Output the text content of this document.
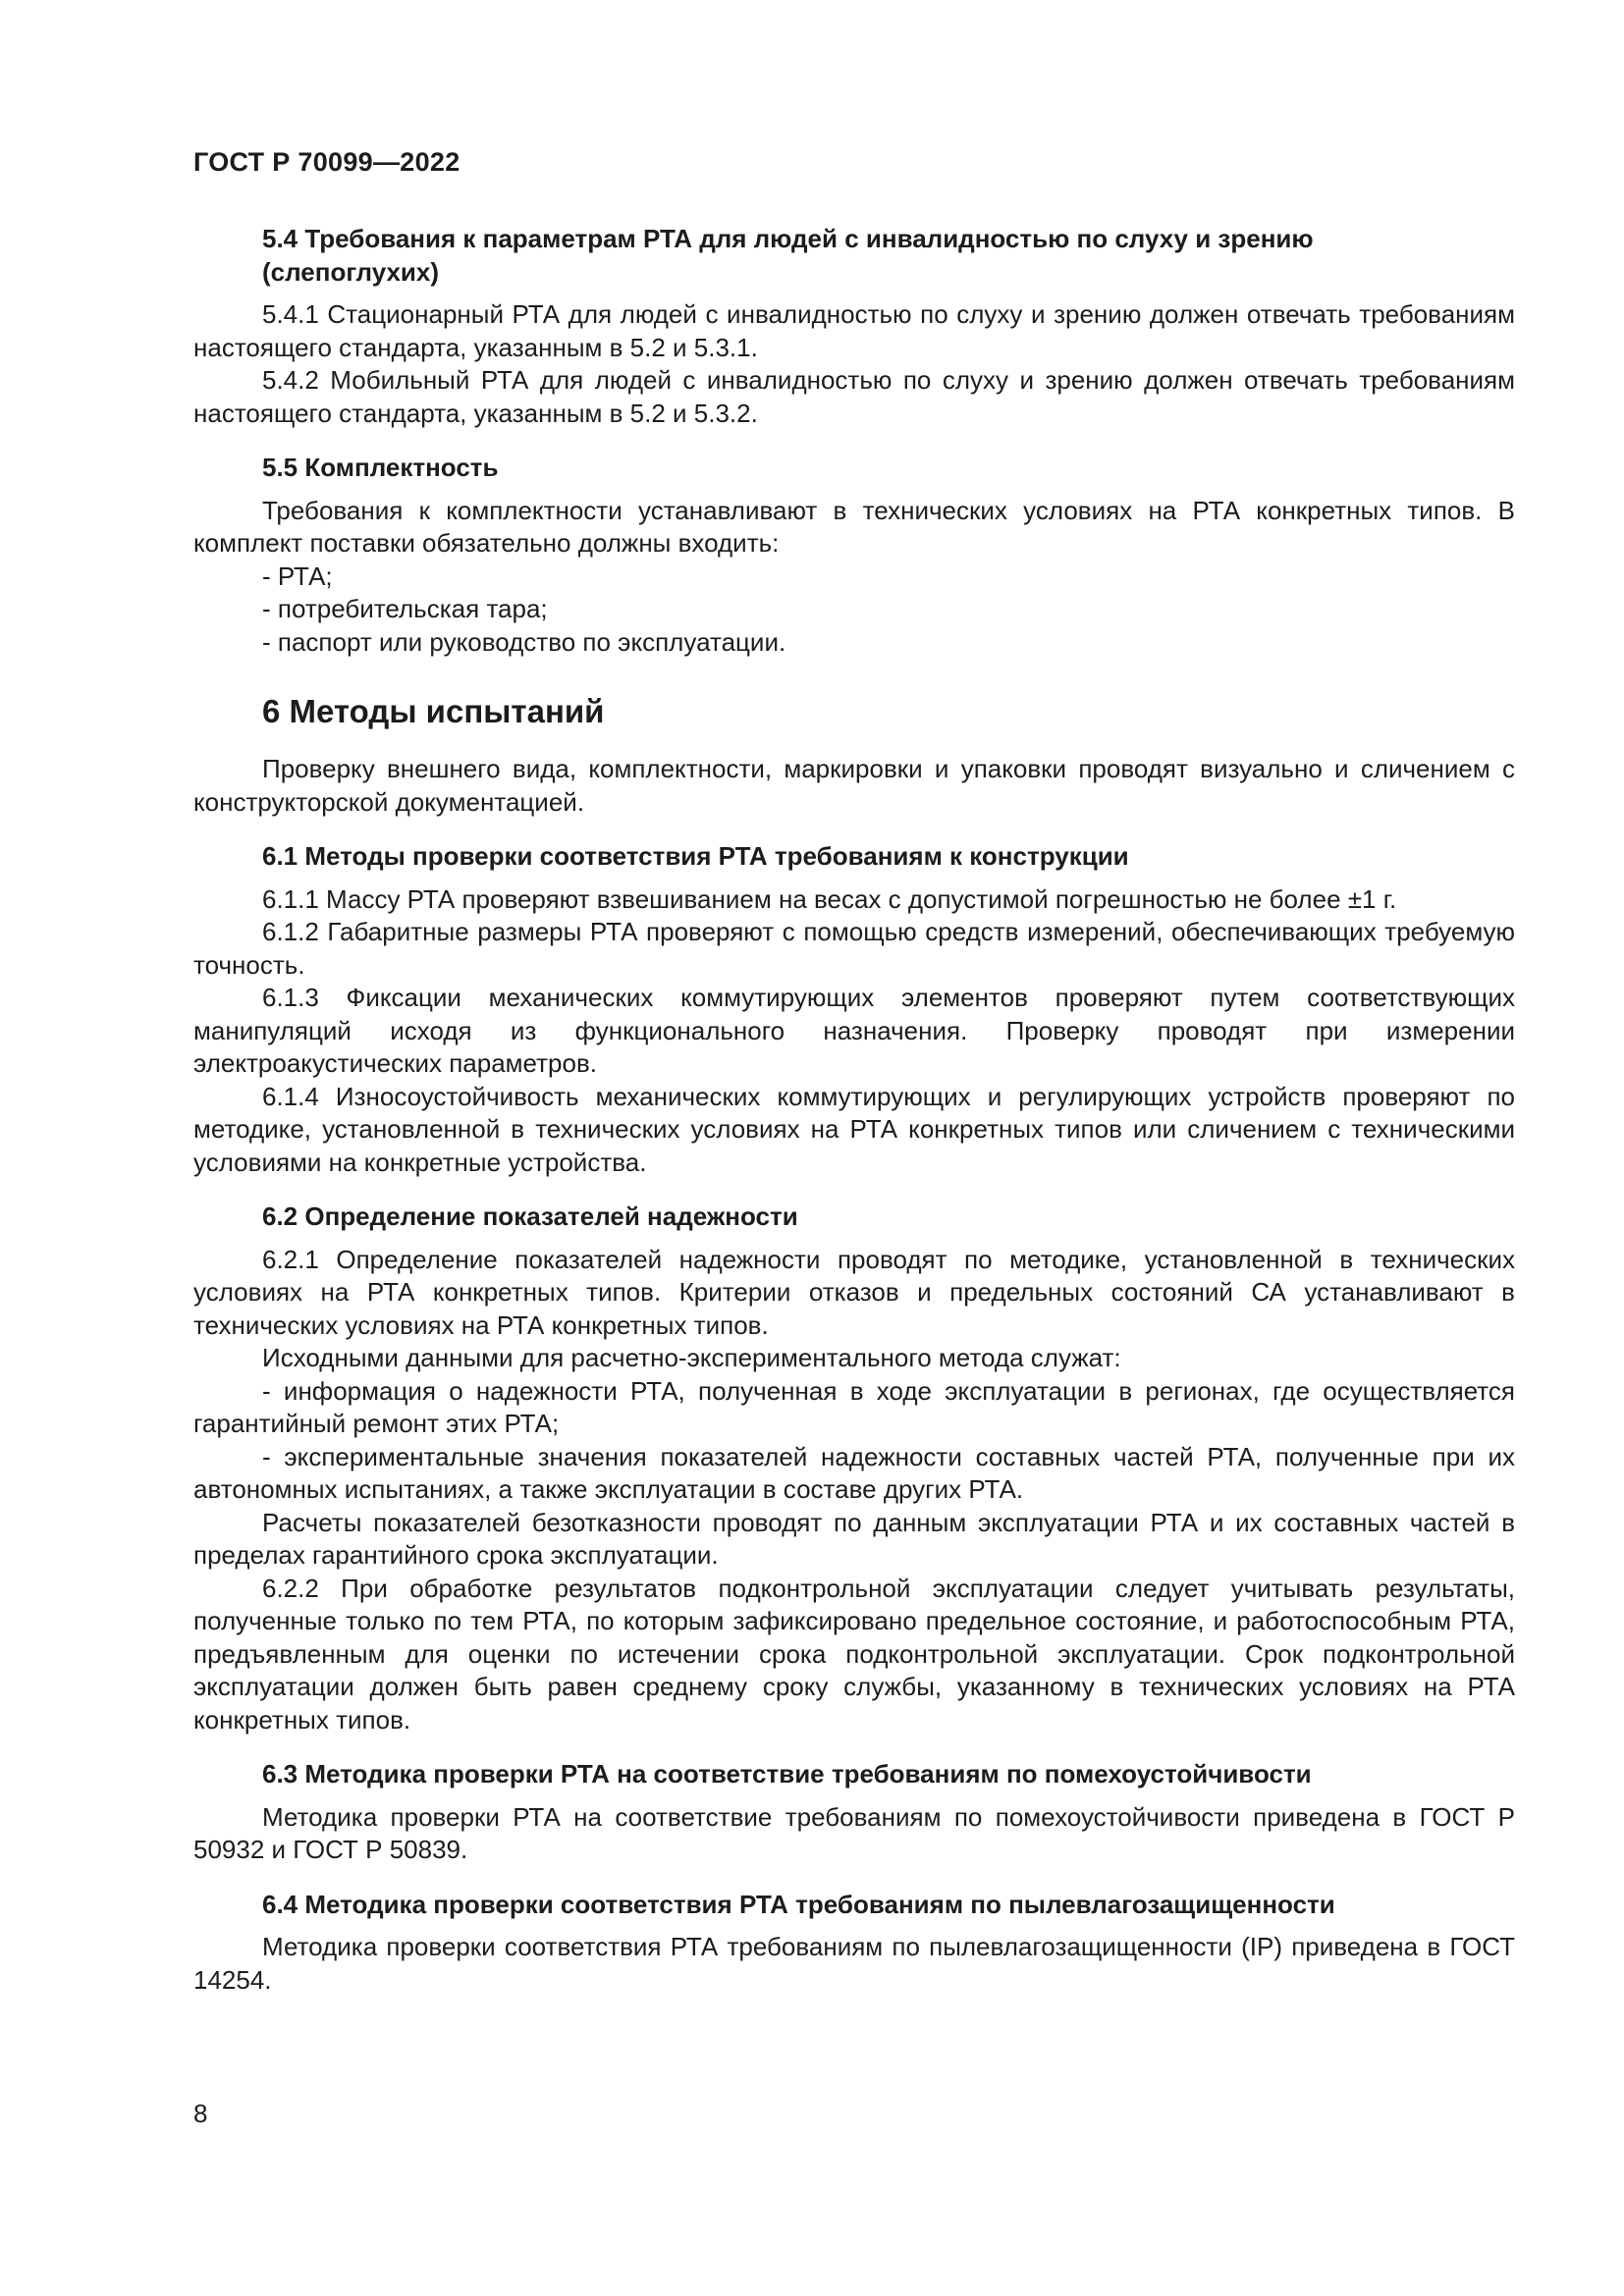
ГОСТ Р 70099—2022
5.4 Требования к параметрам РТА для людей с инвалидностью по слуху и зрению
(слепоглухих)

5.4.1 Стационарный РТА для людей с инвалидностью по слуху и зрению должен отвечать требованиям настоящего стандарта, указанным в 5.2 и 5.3.1.

5.4.2 Мобильный РТА для людей с инвалидностью по слуху и зрению должен отвечать требованиям настоящего стандарта, указанным в 5.2 и 5.3.2.

5.5 Комплектность

Требования к комплектности устанавливают в технических условиях на РТА конкретных типов. В комплект поставки обязательно должны входить:

- РТА;
- потребительская тара;
- паспорт или руководство по эксплуатации.
6 Методы испытаний

Проверку внешнего вида, комплектности, маркировки и упаковки проводят визуально и сличением с конструкторской документацией.

6.1 Методы проверки соответствия РТА требованиям к конструкции

6.1.1 Массу РТА проверяют взвешиванием на весах с допустимой погрешностью не более ±1 г.

6.1.2 Габаритные размеры РТА проверяют с помощью средств измерений, обеспечивающих требуемую точность.

6.1.3 Фиксации механических коммутирующих элементов проверяют путем соответствующих манипуляций исходя из функционального назначения. Проверку проводят при измерении электроакустических параметров.

6.1.4 Износоустойчивость механических коммутирующих и регулирующих устройств проверяют по методике, установленной в технических условиях на РТА конкретных типов или сличением с техническими условиями на конкретные устройства.

6.2 Определение показателей надежности

6.2.1 Определение показателей надежности проводят по методике, установленной в технических условиях на РТА конкретных типов. Критерии отказов и предельных состояний СА устанавливают в технических условиях на РТА конкретных типов.

Исходными данными для расчетно-экспериментального метода служат:

- информация о надежности РТА, полученная в ходе эксплуатации в регионах, где осуществляется гарантийный ремонт этих РТА;

- экспериментальные значения показателей надежности составных частей РТА, полученные при их автономных испытаниях, а также эксплуатации в составе других РТА.

Расчеты показателей безотказности проводят по данным эксплуатации РТА и их составных частей в пределах гарантийного срока эксплуатации.

6.2.2 При обработке результатов подконтрольной эксплуатации следует учитывать результаты, полученные только по тем РТА, по которым зафиксировано предельное состояние, и работоспособным РТА, предъявленным для оценки по истечении срока подконтрольной эксплуатации. Срок подконтрольной эксплуатации должен быть равен среднему сроку службы, указанному в технических условиях на РТА конкретных типов.

6.3 Методика проверки РТА на соответствие требованиям по помехоустойчивости

Методика проверки РТА на соответствие требованиям по помехоустойчивости приведена в ГОСТ Р 50932 и ГОСТ Р 50839.

6.4 Методика проверки соответствия РТА требованиям по пылевлагозащищенности

Методика проверки соответствия РТА требованиям по пылевлагозащищенности (IP) приведена в ГОСТ 14254.

8
